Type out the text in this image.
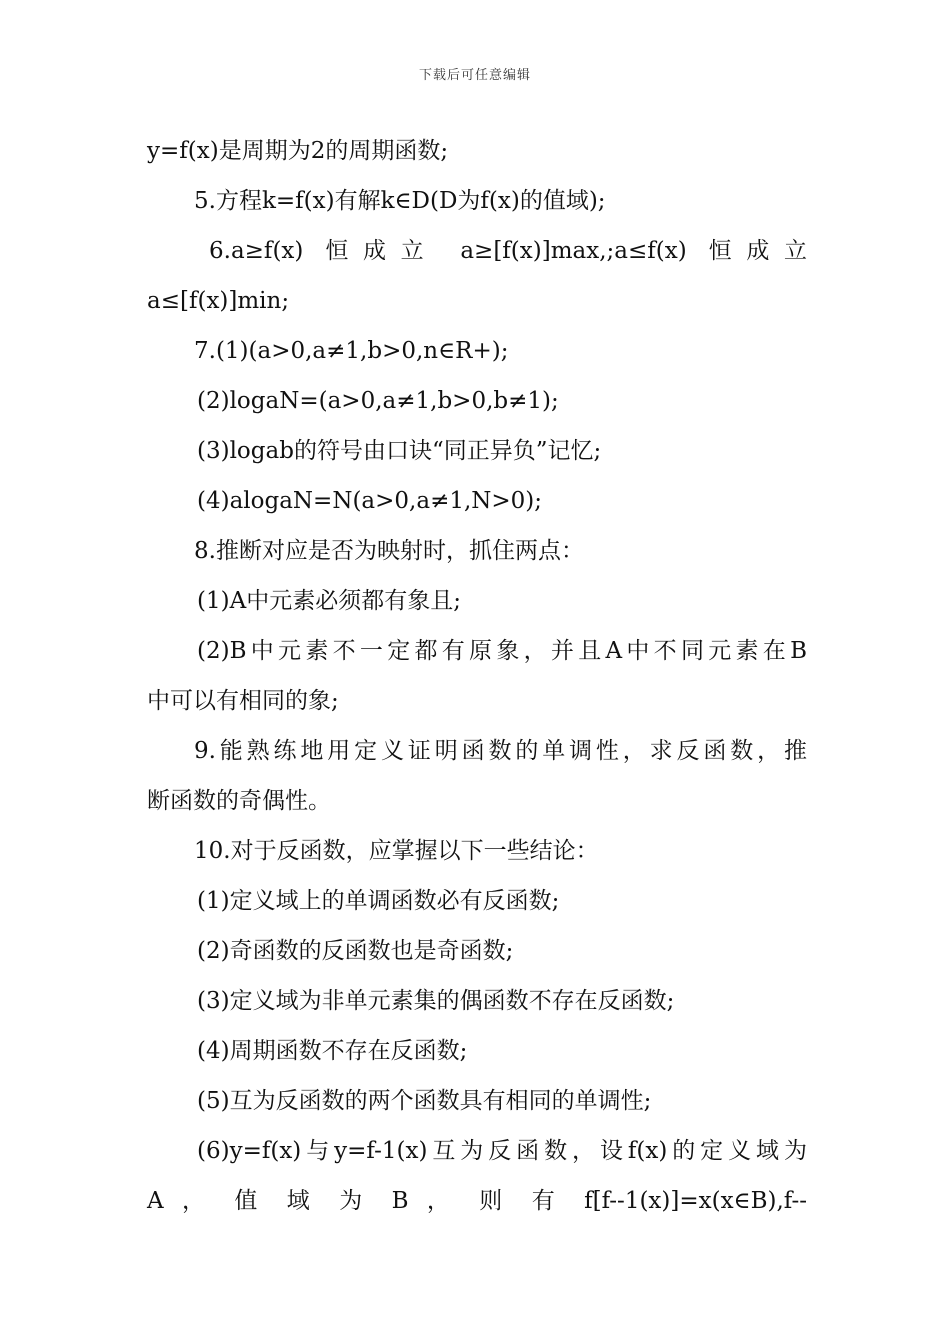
下载后可任意编辑
y=f(x)是周期为2的周期函数;
5.方程k=f(x)有解k∈D(D为f(x)的值域);
6.a≥f(x) 恒成立 a≥[f(x)]max,;a≤f(x) 恒成立
a≤[f(x)]min;
7.(1)(a>0,a≠1,b>0,n∈R+);
(2)logaN=(a>0,a≠1,b>0,b≠1);
(3)logab的符号由口诀“同正异负”记忆;
(4)alogaN=N(a>0,a≠1,N>0);
8.推断对应是否为映射时，抓住两点：
(1)A中元素必须都有象且;
(2)B中元素不一定都有原象，并且A中不同元素在B
中可以有相同的象;
9.能熟练地用定义证明函数的单调性，求反函数，推
断函数的奇偶性。
10.对于反函数，应掌握以下一些结论：
(1)定义域上的单调函数必有反函数;
(2)奇函数的反函数也是奇函数;
(3)定义域为非单元素集的偶函数不存在反函数;
(4)周期函数不存在反函数;
(5)互为反函数的两个函数具有相同的单调性;
(6)y=f(x)与y=f-1(x)互为反函数，设f(x)的定义域为
A ， 值 域 为 B ， 则 有 f[f--1(x)]=x(x∈B),f--
